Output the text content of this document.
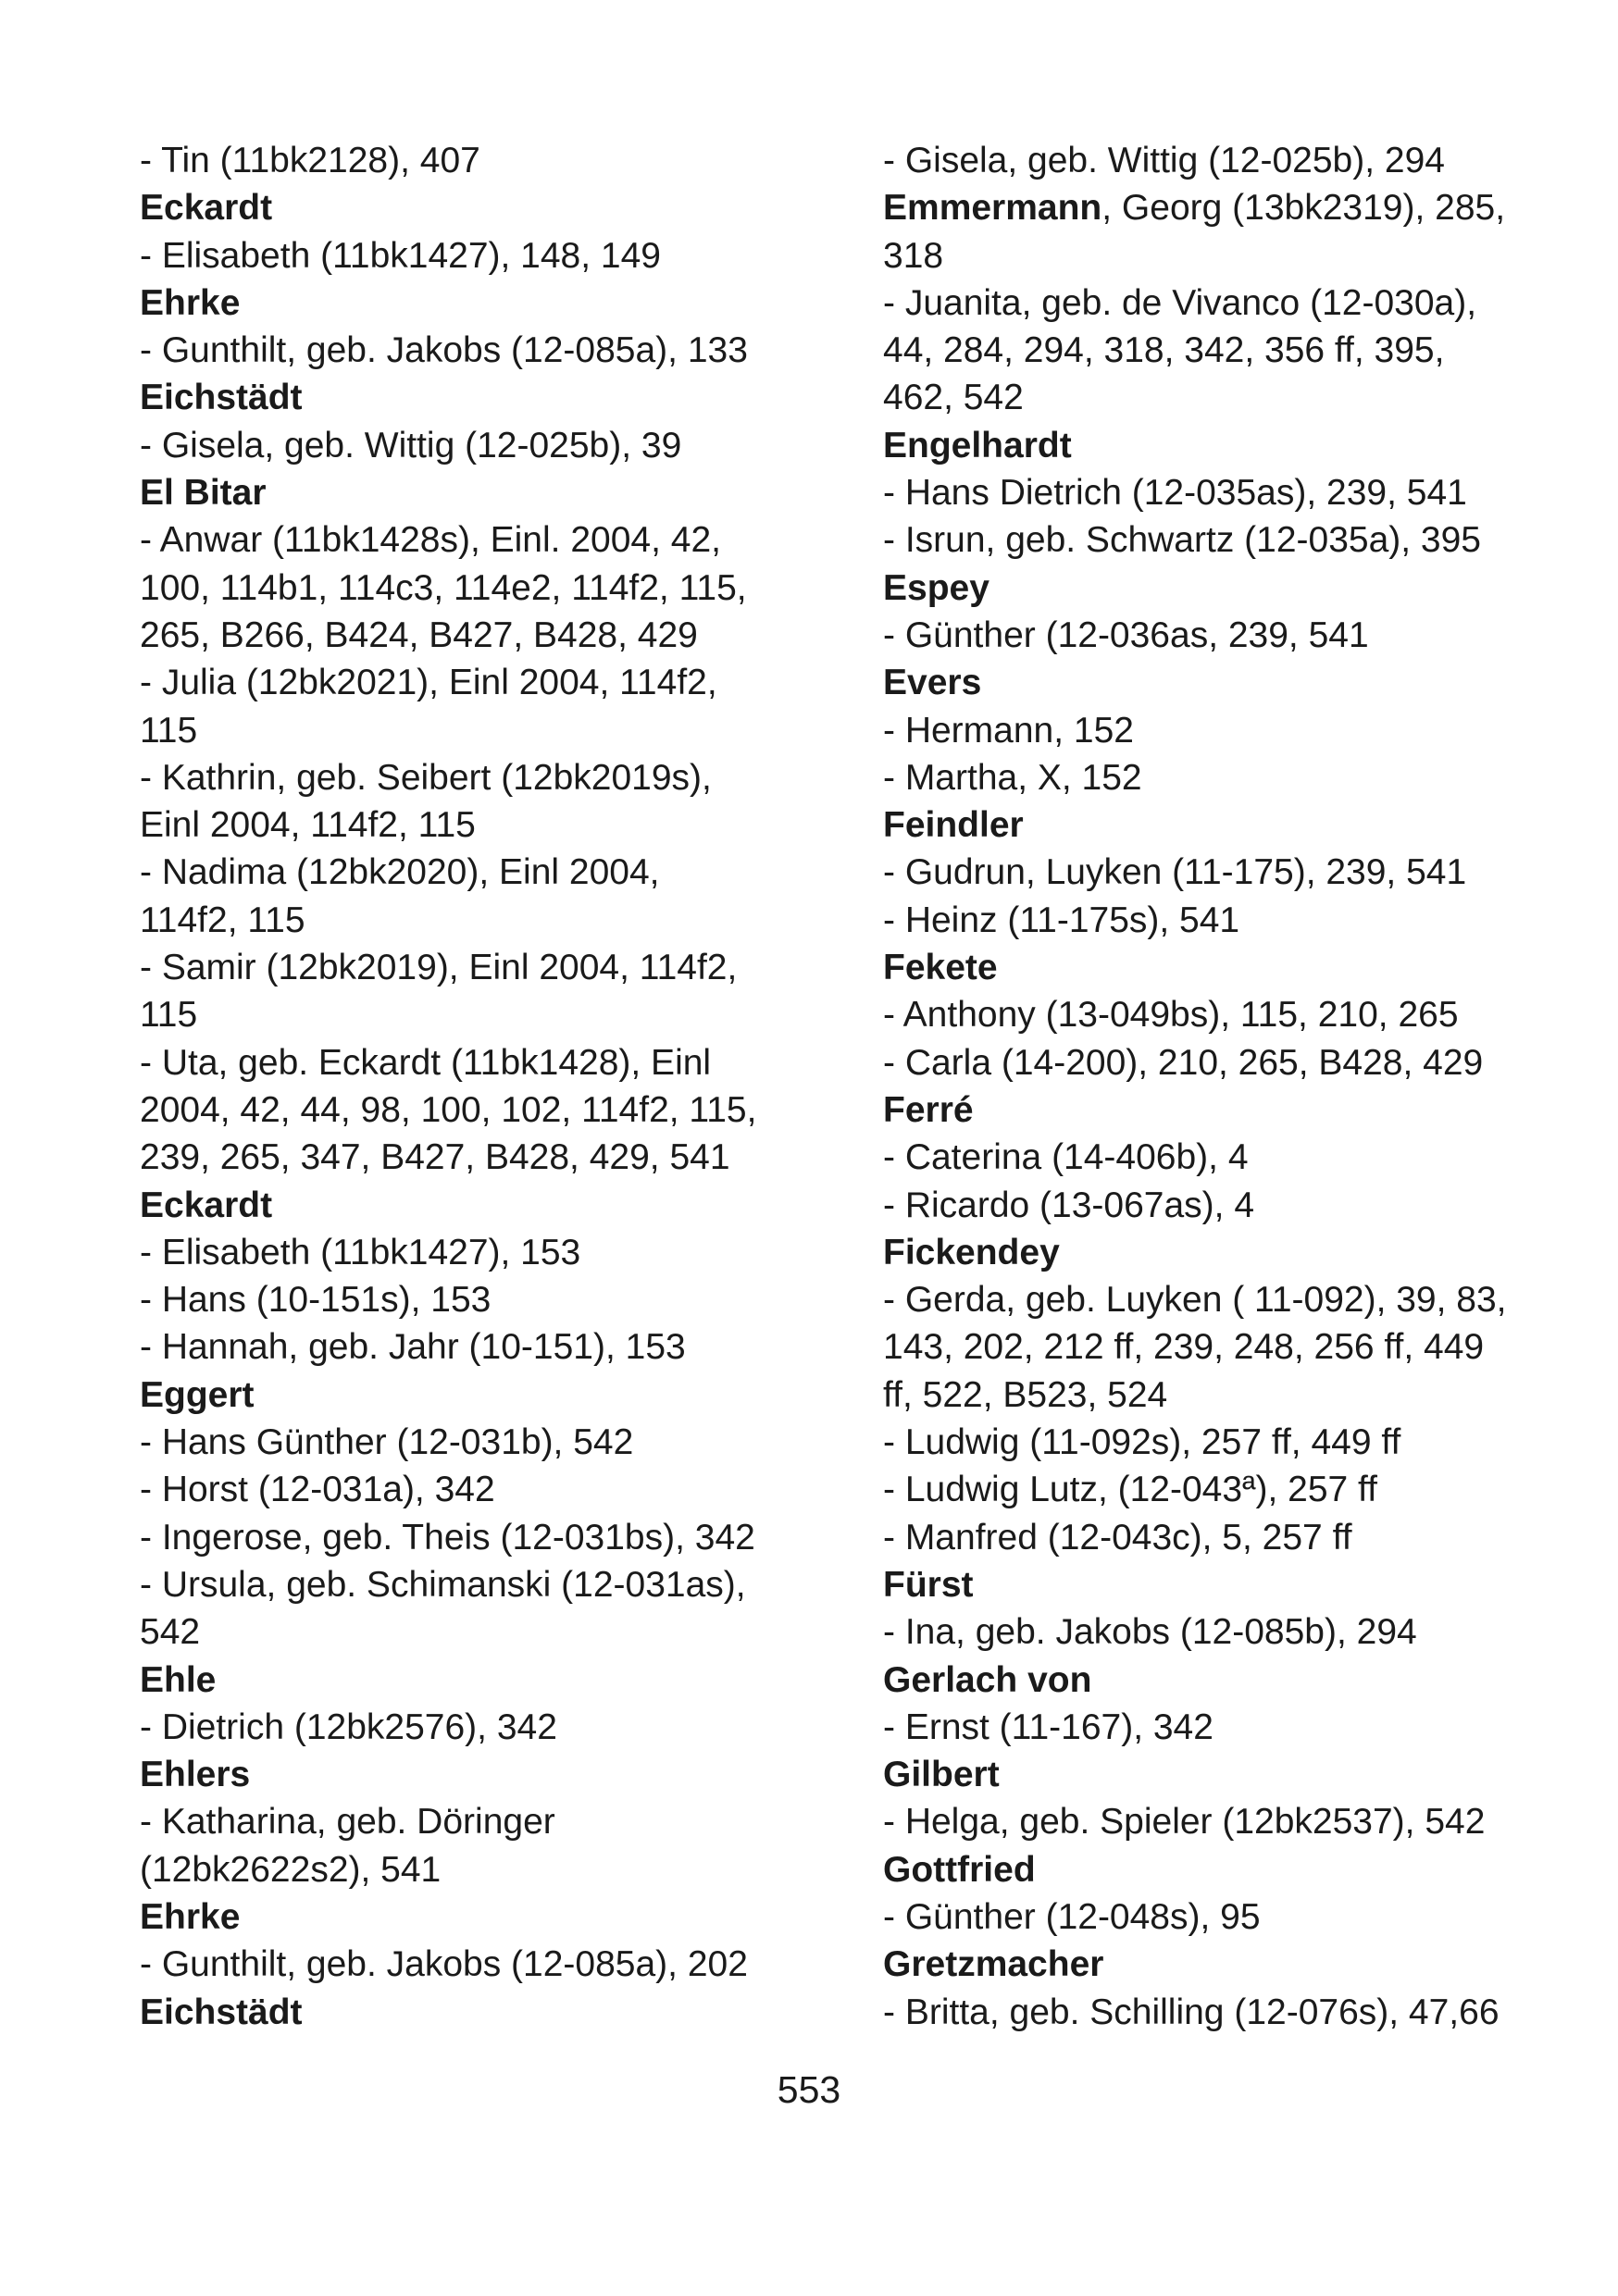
- Tin (11bk2128), 407
Eckardt
- Elisabeth (11bk1427), 148, 149
Ehrke
- Gunthilt, geb. Jakobs (12-085a), 133
Eichstädt
- Gisela, geb. Wittig (12-025b), 39
El Bitar
- Anwar (11bk1428s), Einl. 2004, 42,
100, 114b1, 114c3, 114e2, 114f2, 115,
265, B266, B424, B427, B428, 429
- Julia (12bk2021), Einl 2004, 114f2,
115
- Kathrin, geb. Seibert (12bk2019s),
Einl 2004, 114f2, 115
- Nadima (12bk2020), Einl 2004,
114f2, 115
- Samir (12bk2019), Einl 2004, 114f2,
115
- Uta, geb. Eckardt (11bk1428), Einl
2004, 42, 44, 98, 100, 102, 114f2, 115,
239, 265, 347, B427, B428, 429, 541
Eckardt
- Elisabeth (11bk1427), 153
- Hans (10-151s), 153
- Hannah, geb. Jahr (10-151), 153
Eggert
- Hans Günther (12-031b), 542
- Horst (12-031a), 342
- Ingerose, geb. Theis (12-031bs), 342
- Ursula, geb. Schimanski (12-031as),
542
Ehle
- Dietrich (12bk2576), 342
Ehlers
- Katharina, geb. Döringer
(12bk2622s2), 541
Ehrke
- Gunthilt, geb. Jakobs (12-085a), 202
Eichstädt
- Gisela, geb. Wittig (12-025b), 294
Emmermann, Georg (13bk2319), 285,
318
- Juanita, geb. de Vivanco (12-030a),
44, 284, 294, 318, 342, 356 ff, 395,
462, 542
Engelhardt
- Hans Dietrich (12-035as), 239, 541
- Isrun, geb. Schwartz (12-035a), 395
Espey
- Günther (12-036as, 239, 541
Evers
- Hermann, 152
- Martha, X, 152
Feindler
- Gudrun, Luyken (11-175), 239, 541
- Heinz (11-175s), 541
Fekete
- Anthony (13-049bs), 115, 210, 265
- Carla (14-200), 210, 265, B428, 429
Ferré
- Caterina (14-406b), 4
- Ricardo (13-067as), 4
Fickendey
- Gerda, geb. Luyken ( 11-092), 39, 83,
143, 202, 212 ff, 239, 248, 256 ff, 449
ff, 522, B523, 524
- Ludwig (11-092s), 257 ff, 449 ff
- Ludwig Lutz, (12-043ª), 257 ff
- Manfred (12-043c), 5, 257 ff
Fürst
- Ina, geb. Jakobs (12-085b), 294
Gerlach von
- Ernst (11-167), 342
Gilbert
- Helga, geb. Spieler (12bk2537), 542
Gottfried
- Günther (12-048s), 95
Gretzmacher
- Britta, geb. Schilling (12-076s), 47,66
553
